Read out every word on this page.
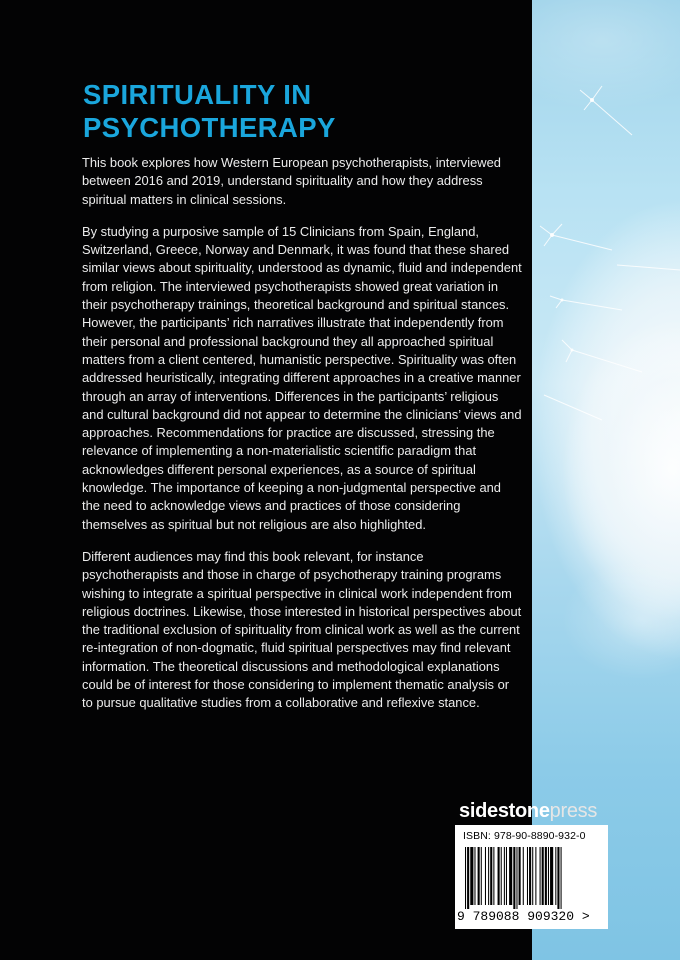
SPIRITUALITY IN
PSYCHOTHERAPY

This book explores how Western European psychotherapists, interviewed between 2016 and 2019, understand spirituality and how they address spiritual matters in clinical sessions.

By studying a purposive sample of 15 Clinicians from Spain, England, Switzerland, Greece, Norway and Denmark, it was found that these shared similar views about spirituality, understood as dynamic, fluid and independent from religion. The interviewed psychotherapists showed great variation in their psychotherapy trainings, theoretical background and spiritual stances. However, the participants’ rich narratives illustrate that independently from their personal and professional background they all approached spiritual matters from a client centered, humanistic perspective. Spirituality was often addressed heuristically, integrating different approaches in a creative manner through an array of interventions. Differences in the participants’ religious and cultural background did not appear to determine the clinicians’ views and approaches. Recommendations for practice are discussed, stressing the relevance of implementing a non-materialistic scientific paradigm that acknowledges different personal experiences, as a source of spiritual knowledge. The importance of keeping a non-judgmental perspective and the need to acknowledge views and practices of those considering themselves as spiritual but not religious are also highlighted.

Different audiences may find this book relevant, for instance psychotherapists and those in charge of psychotherapy training programs wishing to integrate a spiritual perspective in clinical work independent from religious doctrines. Likewise, those interested in historical perspectives about the traditional exclusion of spirituality from clinical work as well as the current re-integration of non-dogmatic, fluid spiritual perspectives may find relevant information. The theoretical discussions and methodological explanations could be of interest for those considering to implement thematic analysis or to pursue qualitative studies from a collaborative and reflexive stance.

sidestonepress
ISBN: 978-90-8890-932-0
9 789088 909320 >
